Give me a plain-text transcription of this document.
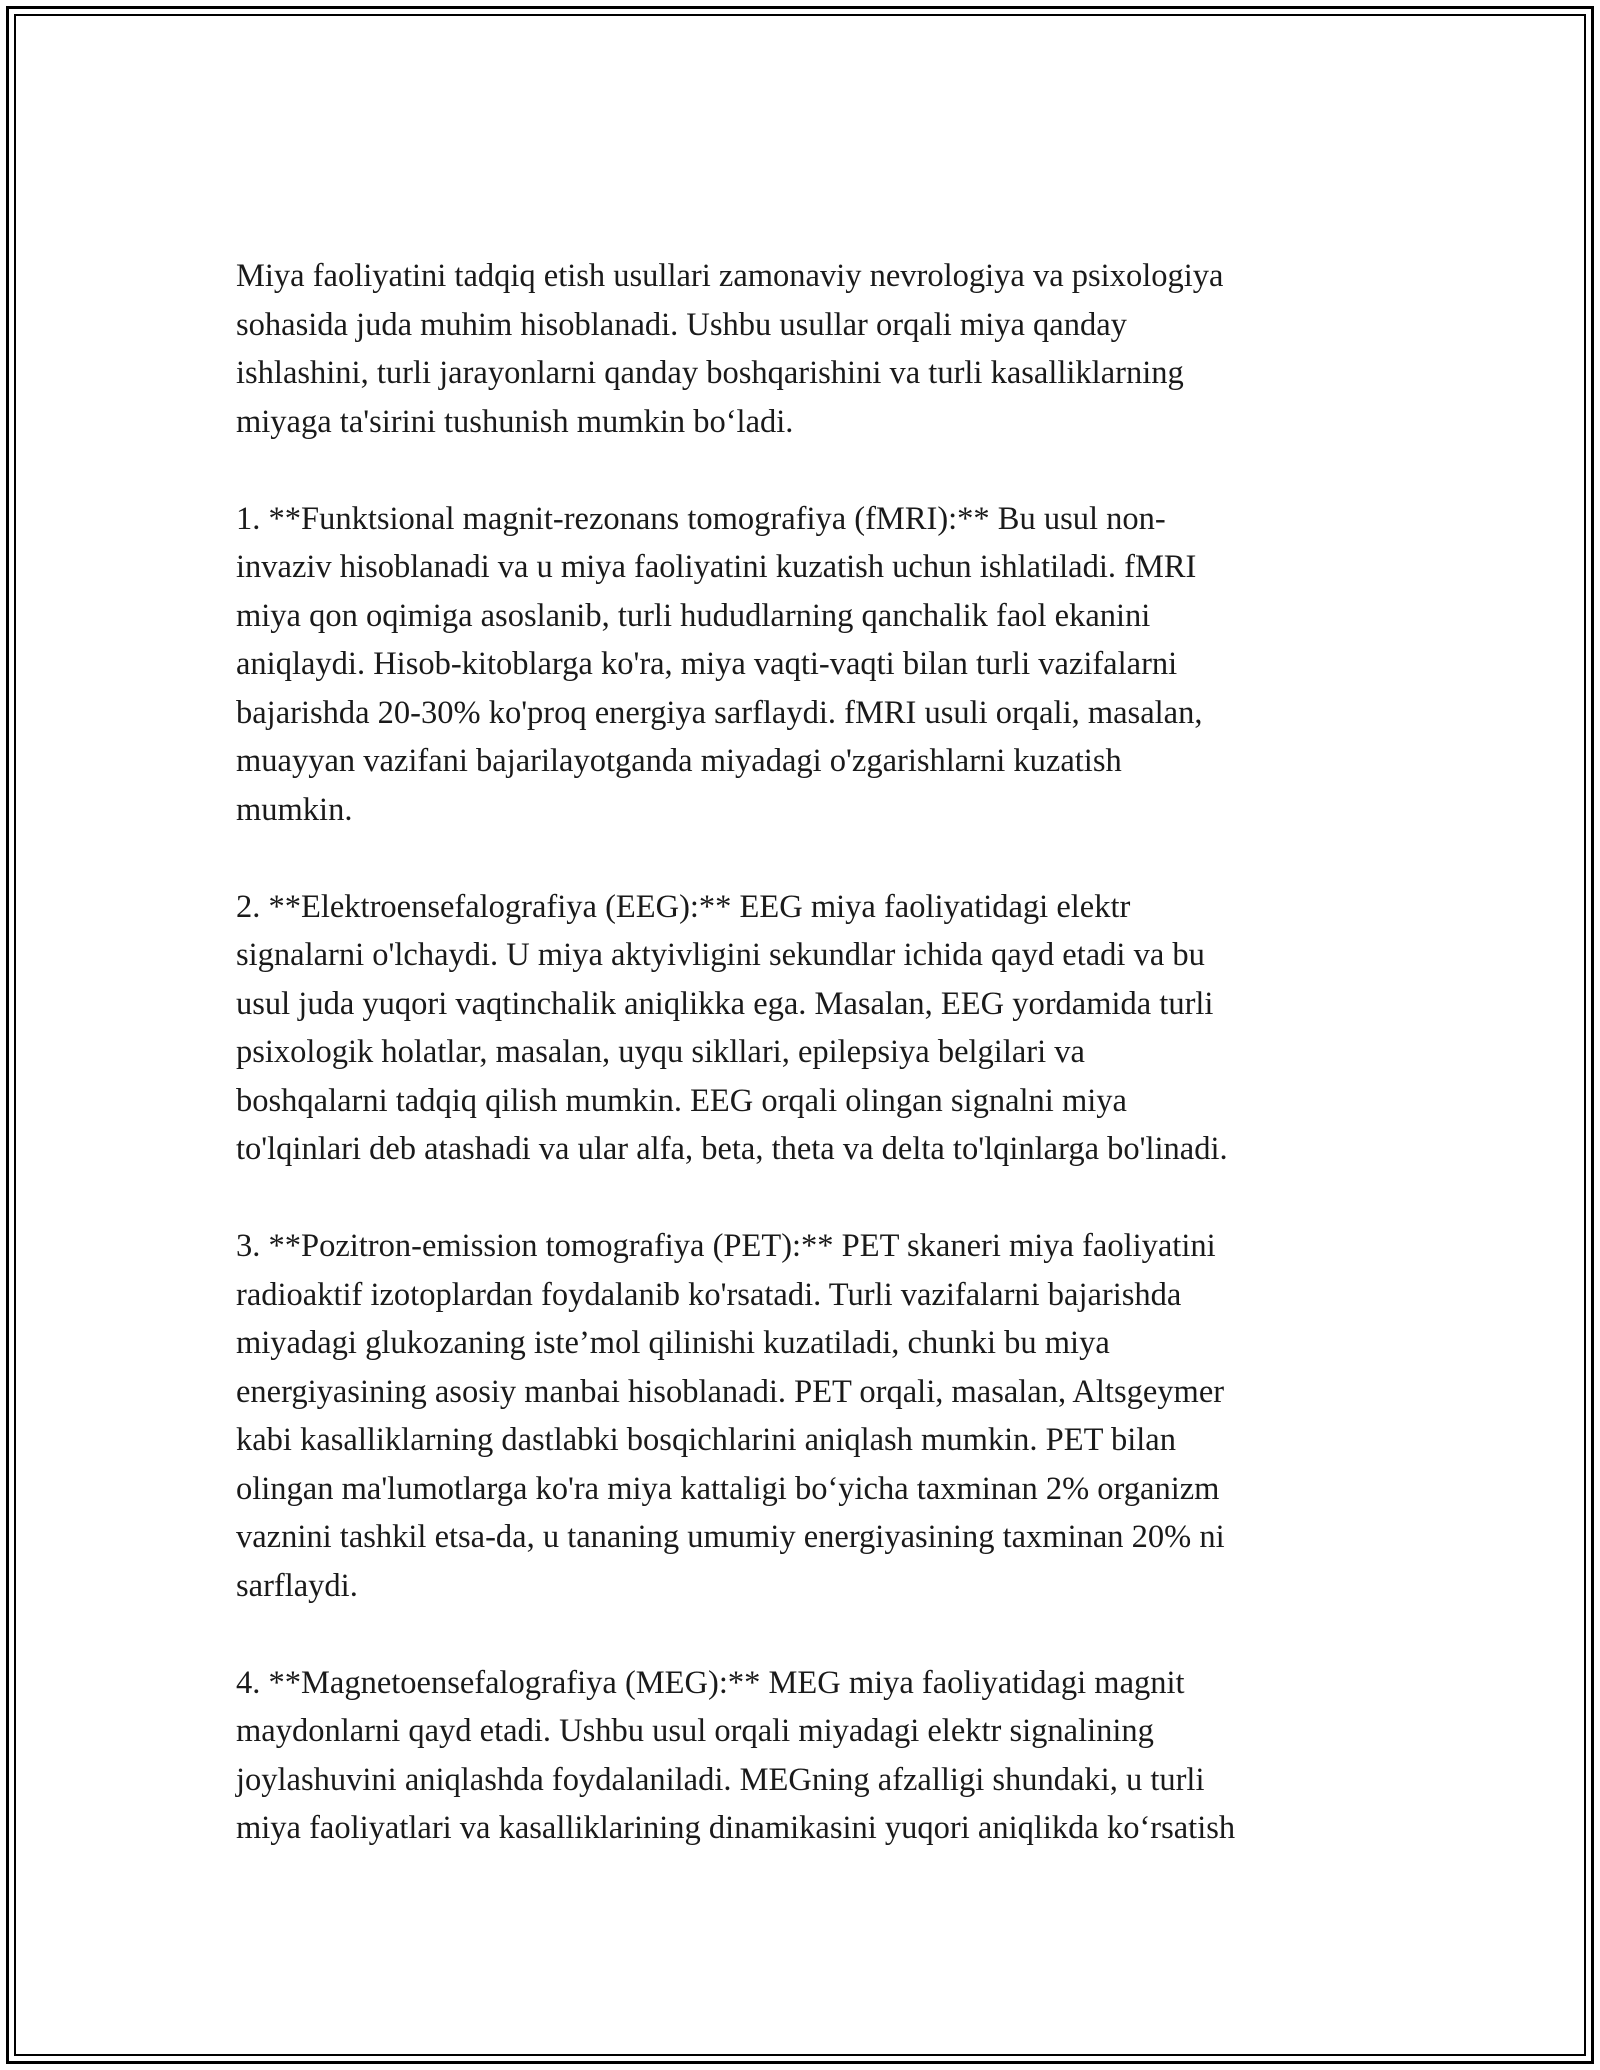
Miya faoliyatini tadqiq etish usullari zamonaviy nevrologiya va psixologiya
sohasida juda muhim hisoblanadi. Ushbu usullar orqali miya qanday
ishlashini, turli jarayonlarni qanday boshqarishini va turli kasalliklarning
miyaga ta'sirini tushunish mumkin bo‘ladi.

1. **Funktsional magnit-rezonans tomografiya (fMRI):** Bu usul non-
invaziv hisoblanadi va u miya faoliyatini kuzatish uchun ishlatiladi. fMRI
miya qon oqimiga asoslanib, turli hududlarning qanchalik faol ekanini
aniqlaydi. Hisob-kitoblarga ko'ra, miya vaqti-vaqti bilan turli vazifalarni
bajarishda 20-30% ko'proq energiya sarflaydi. fMRI usuli orqali, masalan,
muayyan vazifani bajarilayotganda miyadagi o'zgarishlarni kuzatish
mumkin.

2. **Elektroensefalografiya (EEG):** EEG miya faoliyatidagi elektr
signalarni o'lchaydi. U miya aktyivligini sekundlar ichida qayd etadi va bu
usul juda yuqori vaqtinchalik aniqlikka ega. Masalan, EEG yordamida turli
psixologik holatlar, masalan, uyqu sikllari, epilepsiya belgilari va
boshqalarni tadqiq qilish mumkin. EEG orqali olingan signalni miya
to'lqinlari deb atashadi va ular alfa, beta, theta va delta to'lqinlarga bo'linadi.

3. **Pozitron-emission tomografiya (PET):** PET skaneri miya faoliyatini
radioaktif izotoplardan foydalanib ko'rsatadi. Turli vazifalarni bajarishda
miyadagi glukozaning iste’mol qilinishi kuzatiladi, chunki bu miya
energiyasining asosiy manbai hisoblanadi. PET orqali, masalan, Altsgeymer
kabi kasalliklarning dastlabki bosqichlarini aniqlash mumkin. PET bilan
olingan ma'lumotlarga ko'ra miya kattaligi bo‘yicha taxminan 2% organizm
vaznini tashkil etsa-da, u tananing umumiy energiyasining taxminan 20% ni
sarflaydi.

4. **Magnetoensefalografiya (MEG):** MEG miya faoliyatidagi magnit
maydonlarni qayd etadi. Ushbu usul orqali miyadagi elektr signalining
joylashuvini aniqlashda foydalaniladi. MEGning afzalligi shundaki, u turli
miya faoliyatlari va kasalliklarining dinamikasini yuqori aniqlikda ko‘rsatish
